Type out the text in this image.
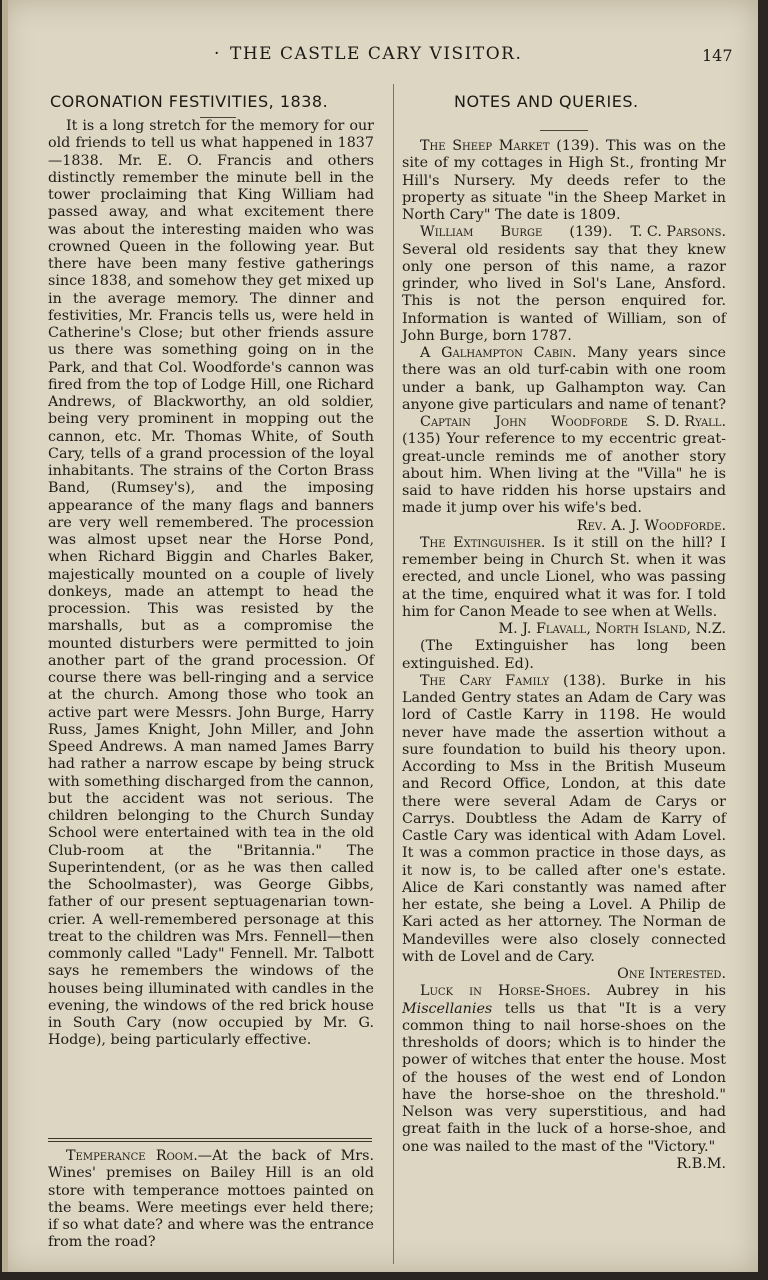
· THE CASTLE CARY VISITOR.	147
CORONATION FESTIVITIES, 1838.	NOTES AND QUERIES.

It is a long stretch for the memory for our old friends to tell us what happened in 1837—1838. Mr. E. O. Francis and others distinctly remember the minute bell in the tower proclaiming that King William had passed away, and what excitement there was about the interesting maiden who was crowned Queen in the following year. But there have been many festive gatherings since 1838, and somehow they get mixed up in the average memory. The dinner and festivities, Mr. Francis tells us, were held in Catherine's Close; but other friends assure us there was something going on in the Park, and that Col. Woodforde's cannon was fired from the top of Lodge Hill, one Richard Andrews, of Blackworthy, an old soldier, being very prominent in mopping out the cannon, etc. Mr. Thomas White, of South Cary, tells of a grand procession of the loyal inhabitants. The strains of the Corton Brass Band, (Rumsey's), and the imposing appearance of the many flags and banners are very well remembered. The procession was almost upset near the Horse Pond, when Richard Biggin and Charles Baker, majestically mounted on a couple of lively donkeys, made an attempt to head the procession. This was resisted by the marshalls, but as a compromise the mounted disturbers were permitted to join another part of the grand procession. Of course there was bell-ringing and a service at the church. Among those who took an active part were Messrs. John Burge, Harry Russ, James Knight, John Miller, and John Speed Andrews. A man named James Barry had rather a narrow escape by being struck with something discharged from the cannon, but the accident was not serious. The children belonging to the Church Sunday School were entertained with tea in the old Club-room at the "Britannia." The Superintendent, (or as he was then called the Schoolmaster), was George Gibbs, father of our present septuagenarian town-crier. A well-remembered personage at this treat to the children was Mrs. Fennell—then commonly called "Lady" Fennell. Mr. Talbott says he remembers the windows of the houses being illuminated with candles in the evening, the windows of the red brick house in South Cary (now occupied by Mr. G. Hodge), being particularly effective.

Temperance Room.—At the back of Mrs. Wines' premises on Bailey Hill is an old store with temperance mottoes painted on the beams. Were meetings ever held there; if so what date? and where was the entrance from the road?

The Sheep Market (139). This was on the site of my cottages in High St., fronting Mr Hill's Nursery. My deeds refer to the property as situate "in the Sheep Market in North Cary" The date is 1809.
T. C. Parsons.

William Burge (139). Several old residents say that they knew only one person of this name, a razor grinder, who lived in Sol's Lane, Ansford. This is not the person enquired for. Information is wanted of William, son of John Burge, born 1787.

A Galhampton Cabin. Many years since there was an old turf-cabin with one room under a bank, up Galhampton way. Can anyone give particulars and name of tenant?
S. D. Ryall.

Captain John Woodforde (135) Your reference to my eccentric great-great-uncle reminds me of another story about him. When living at the "Villa" he is said to have ridden his horse upstairs and made it jump over his wife's bed.

Rev. A. J. Woodforde.

The Extinguisher. Is it still on the hill? I remember being in Church St. when it was erected, and uncle Lionel, who was passing at the time, enquired what it was for. I told him for Canon Meade to see when at Wells.

M. J. Flavall, North Island, N.Z.

(The Extinguisher has long been extinguished. Ed).

The Cary Family (138). Burke in his Landed Gentry states an Adam de Cary was lord of Castle Karry in 1198. He would never have made the assertion without a sure foundation to build his theory upon. According to Mss in the British Museum and Record Office, London, at this date there were several Adam de Carys or Carrys. Doubtless the Adam de Karry of Castle Cary was identical with Adam Lovel. It was a common practice in those days, as it now is, to be called after one's estate. Alice de Kari constantly was named after her estate, she being a Lovel. A Philip de Kari acted as her attorney. The Norman de Mandevilles were also closely connected with de Lovel and de Cary.

One Interested.

Luck in Horse-Shoes. Aubrey in his Miscellanies tells us that "It is a very common thing to nail horse-shoes on the thresholds of doors; which is to hinder the power of witches that enter the house. Most of the houses of the west end of London have the horse-shoe on the threshold." Nelson was very superstitious, and had great faith in the luck of a horse-shoe, and one was nailed to the mast of the "Victory."
R.B.M.
